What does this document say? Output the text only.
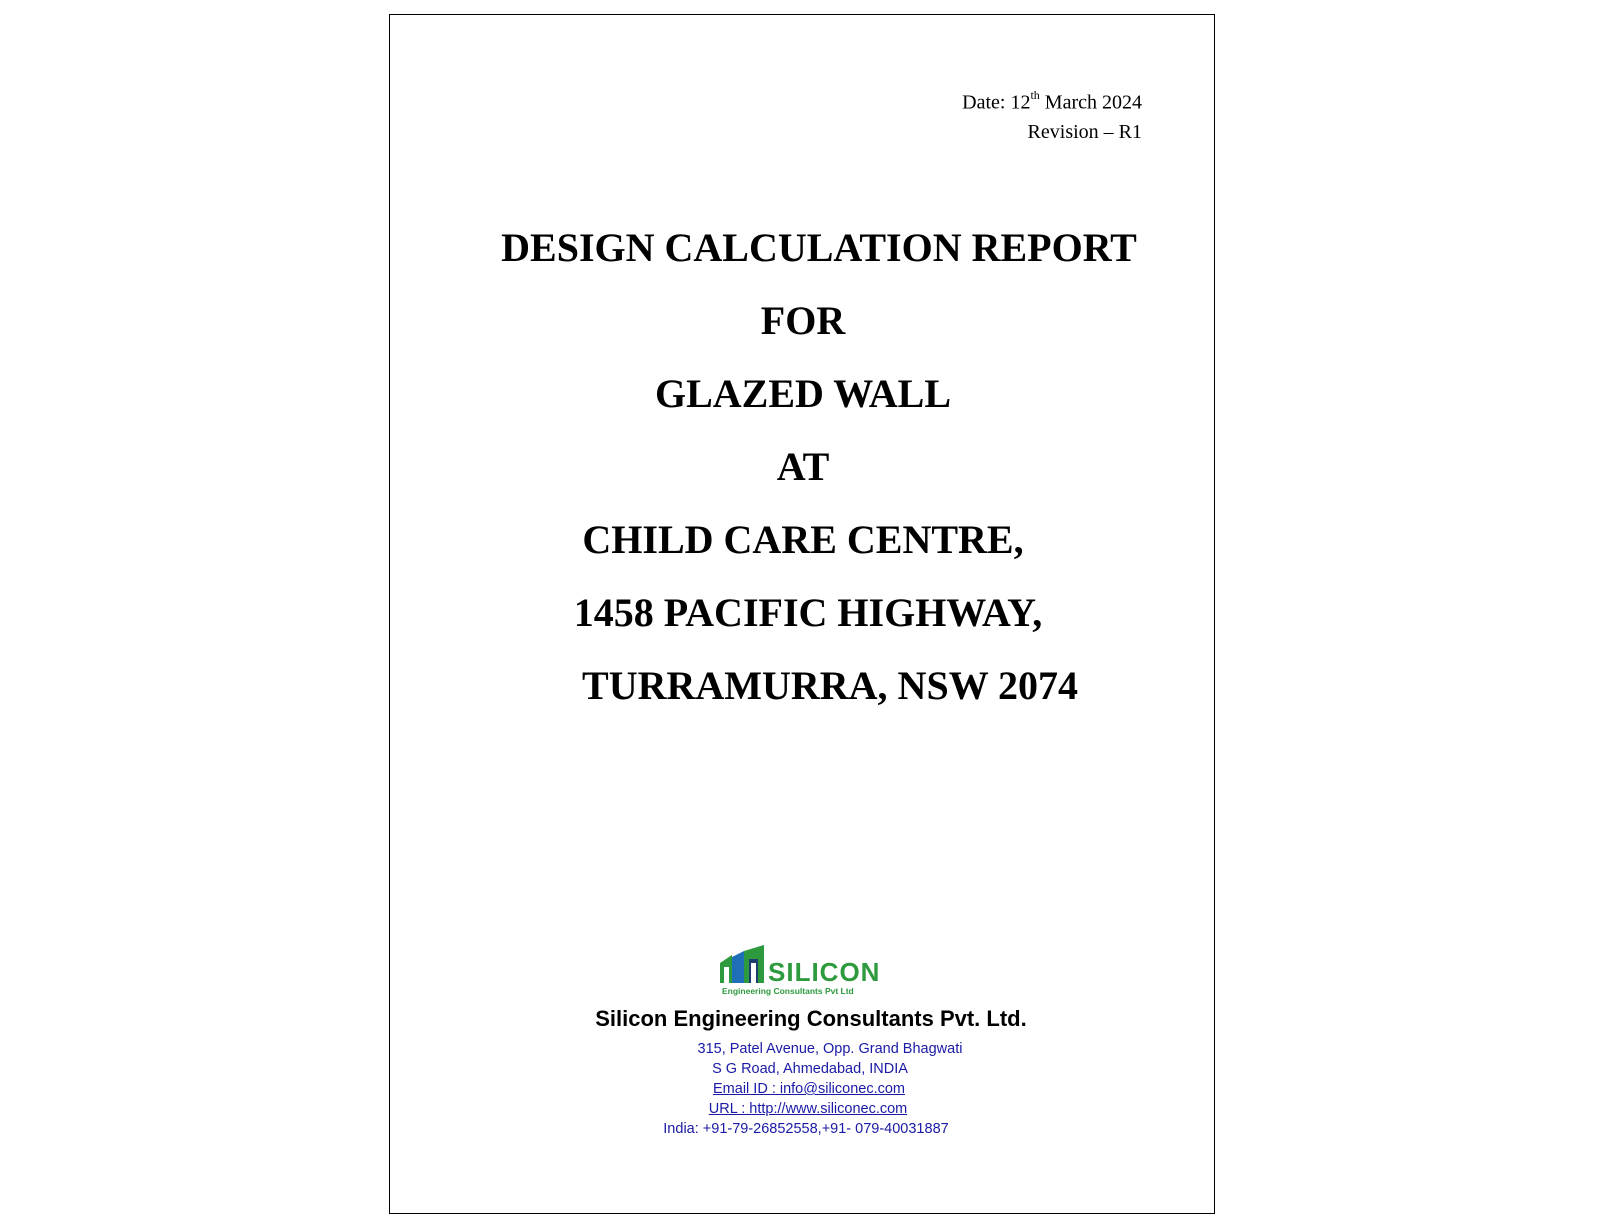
Date: 12th March 2024
Revision – R1
DESIGN CALCULATION REPORT
FOR
GLAZED WALL
AT
CHILD CARE CENTRE,
1458 PACIFIC HIGHWAY,
TURRAMURRA, NSW 2074
SILICON
Engineering Consultants Pvt Ltd
Silicon Engineering Consultants Pvt. Ltd.
315, Patel Avenue, Opp. Grand Bhagwati
S G Road, Ahmedabad, INDIA
Email ID : info@siliconec.com
URL : http://www.siliconec.com
India: +91-79-26852558,+91- 079-40031887
